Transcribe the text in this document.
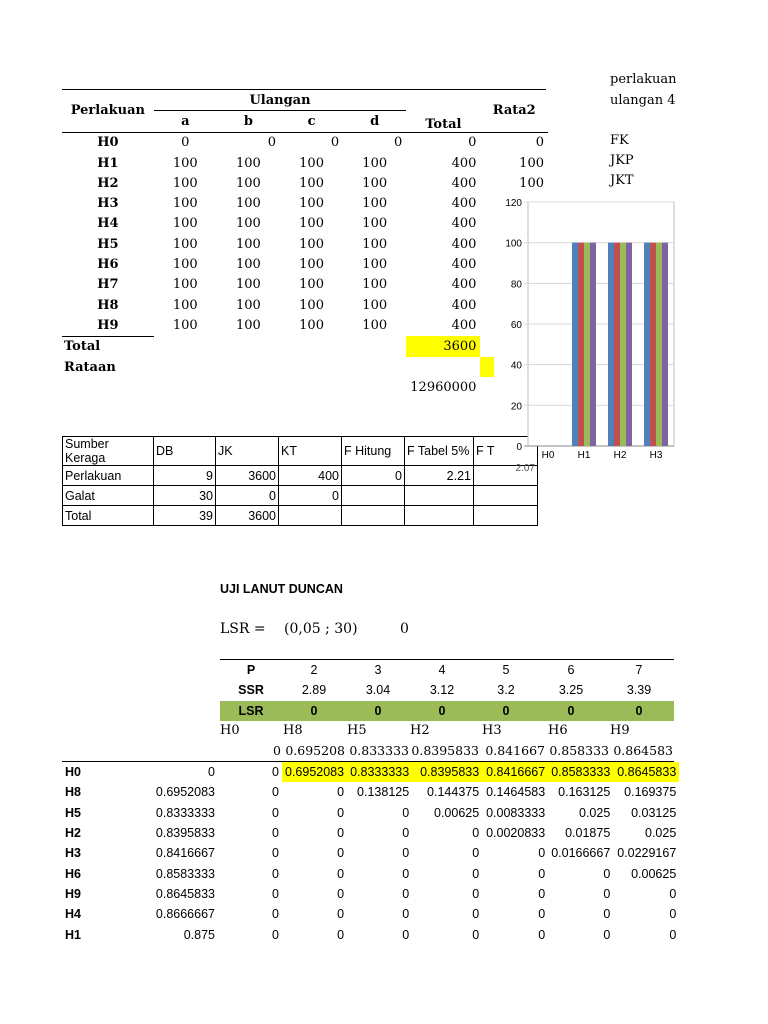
perlakuan
ulangan 4
FK
JKP
JKT
Perlakuan	Ulangan				Total	Rata2
	a	b	c	d		
H0	0	0	0	0	0	0
H1	100	100	100	100	400	100
H2	100	100	100	100	400	100
H3	100	100	100	100	400	
H4	100	100	100	100	400	
H5	100	100	100	100	400	
H6	100	100	100	100	400	
H7	100	100	100	100	400	
H8	100	100	100	100	400	
H9	100	100	100	100	400	
Total					3600	
Rataan						

					12960000	
Sumber Keraga	DB	JK	KT	F Hitung	F Tabel 5%	F T
Perlakuan	9	3600	400	0	2.21	2.07
Galat	30	0	0			
Total	39	3600				
0
20
40
60
80
100
120
H0 H1 H2 H3
UJI LANUT DUNCAN
LSR = (0,05 ; 30)	0
P	2	3	4	5	6	7
SSR	2.89	3.04	3.12	3.2	3.25	3.39
LSR	0	0	0	0	0	0
H0	0	0	0.6952083	0.8333333	0.8395833	0.8416667	0.8583333	0.8645833
H8	0.6952083	0	0	0.138125	0.144375	0.1464583	0.163125	0.169375
H5	0.8333333	0	0	0	0.00625	0.0083333	0.025	0.03125
H2	0.8395833	0	0	0	0	0.0020833	0.01875	0.025
H3	0.8416667	0	0	0	0	0	0.0166667	0.0229167
H6	0.8583333	0	0	0	0	0	0	0.00625
H9	0.8645833	0	0	0	0	0	0	0
H4	0.8666667	0	0	0	0	0	0	0
H1	0.875	0	0	0	0	0	0	0
H0	H8	H5	H2	H3	H6	H9
0 0.695208 0.833333 0.8395833 0.841667 0.858333 0.864583
